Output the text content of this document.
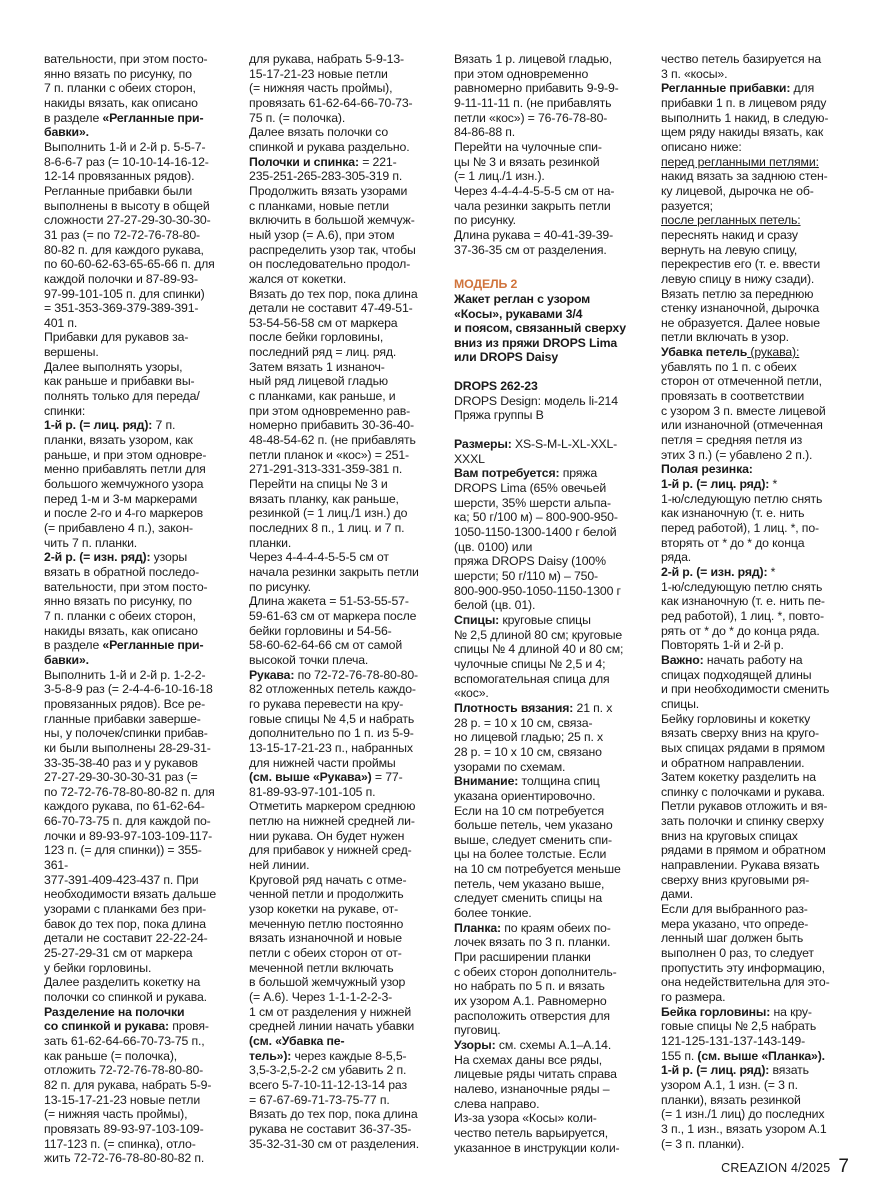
вательности, при этом посто-

янно вязать по рисунку, по

7 п. планки с обеих сторон,

накиды вязать, как описано

в разделе «Регланные при-

бавки».

Выполнить 1-й и 2-й р. 5-5-7-

8-6-6-7 раз (= 10-10-14-16-12-

12-14 провязанных рядов).

Регланные прибавки были

выполнены в высоту в общей

сложности 27-27-29-30-30-30-

31 раз (= по 72-72-76-78-80-

80-82 п. для каждого рукава,

по 60-60-62-63-65-65-66 п. для

каждой полочки и 87-89-93-

97-99-101-105 п. для спинки)

= 351-353-369-379-389-391-

401 п.

Прибавки для рукавов за-

вершены.

Далее выполнять узоры,

как раньше и прибавки вы-

полнять только для переда/

спинки:

1-й р. (= лиц. ряд): 7 п.

планки, вязать узором, как

раньше, и при этом одновре-

менно прибавлять петли для

большого жемчужного узора

перед 1-м и 3-м маркерами

и после 2-го и 4-го маркеров

(= прибавлено 4 п.), закон-

чить 7 п. планки.

2-й р. (= изн. ряд): узоры

вязать в обратной последо-

вательности, при этом посто-

янно вязать по рисунку, по

7 п. планки с обеих сторон,

накиды вязать, как описано

в разделе «Регланные при-

бавки».

Выполнить 1-й и 2-й р. 1-2-2-

3-5-8-9 раз (= 2-4-4-6-10-16-18

провязанных рядов). Все ре-

гланные прибавки заверше-

ны, у полочек/спинки прибав-

ки были выполнены 28-29-31-

33-35-38-40 раз и у рукавов

27-27-29-30-30-30-31 раз (=

по 72-72-76-78-80-80-82 п. для

каждого рукава, по 61-62-64-

66-70-73-75 п. для каждой по-

лочки и 89-93-97-103-109-117-

123 п. (= для спинки)) = 355-361-

377-391-409-423-437 п. При

необходимости вязать дальше

узорами с планками без при-

бавок до тех пор, пока длина

детали не составит 22-22-24-

25-27-29-31 см от маркера

у бейки горловины.

Далее разделить кокетку на

полочки со спинкой и рукава.

Разделение на полочки

со спинкой и рукава: провя-

зать 61-62-64-66-70-73-75 п.,

как раньше (= полочка),

отложить 72-72-76-78-80-80-

82 п. для рукава, набрать 5-9-

13-15-17-21-23 новые петли

(= нижняя часть проймы),

провязать 89-93-97-103-109-

117-123 п. (= спинка), отло-

жить 72-72-76-78-80-80-82 п.

для рукава, набрать 5-9-13-

15-17-21-23 новые петли

(= нижняя часть проймы),

провязать 61-62-64-66-70-73-

75 п. (= полочка).

Далее вязать полочки со

спинкой и рукава раздельно.

Полочки и спинка: = 221-

235-251-265-283-305-319 п.

Продолжить вязать узорами

с планками, новые петли

включить в большой жемчуж-

ный узор (= А.6), при этом

распределить узор так, чтобы

он последовательно продол-

жался от кокетки.

Вязать до тех пор, пока длина

детали не составит 47-49-51-

53-54-56-58 см от маркера

после бейки горловины,

последний ряд = лиц. ряд.

Затем вязать 1 изнаноч-

ный ряд лицевой гладью

с планками, как раньше, и

при этом одновременно рав-

номерно прибавить 30-36-40-

48-48-54-62 п. (не прибавлять

петли планок и «кос») = 251-

271-291-313-331-359-381 п.

Перейти на спицы № 3 и

вязать планку, как раньше,

резинкой (= 1 лиц./1 изн.) до

последних 8 п., 1 лиц. и 7 п.

планки.

Через 4-4-4-4-5-5-5 см от

начала резинки закрыть петли

по рисунку.

Длина жакета = 51-53-55-57-

59-61-63 см от маркера после

бейки горловины и 54-56-

58-60-62-64-66 см от самой

высокой точки плеча.

Рукава: по 72-72-76-78-80-80-

82 отложенных петель каждо-

го рукава перевести на кру-

говые спицы № 4,5 и набрать

дополнительно по 1 п. из 5-9-

13-15-17-21-23 п., набранных

для нижней части проймы

(см. выше «Рукава») = 77-

81-89-93-97-101-105 п.

Отметить маркером среднюю

петлю на нижней средней ли-

нии рукава. Он будет нужен

для прибавок у нижней сред-

ней линии.

Круговой ряд начать с отме-

ченной петли и продолжить

узор кокетки на рукаве, от-

меченную петлю постоянно

вязать изнаночной и новые

петли с обеих сторон от от-

меченной петли включать

в большой жемчужный узор

(= А.6). Через 1-1-1-2-2-3-

1 см от разделения у нижней

средней линии начать убавки

(см. «Убавка пе-

тель»): через каждые 8-5,5-

3,5-3-2,5-2-2 см убавить 2 п.

всего 5-7-10-11-12-13-14 раз

= 67-67-69-71-73-75-77 п.

Вязать до тех пор, пока длина

рукава не составит 36-37-35-

35-32-31-30 см от разделения.

Вязать 1 р. лицевой гладью,

при этом одновременно

равномерно прибавить 9-9-9-

9-11-11-11 п. (не прибавлять

петли «кос») = 76-76-78-80-

84-86-88 п.

Перейти на чулочные спи-

цы № 3 и вязать резинкой

(= 1 лиц./1 изн.).

Через 4-4-4-4-5-5-5 см от на-

чала резинки закрыть петли

по рисунку.

Длина рукава = 40-41-39-39-

37-36-35 см от разделения.

МОДЕЛЬ 2

Жакет реглан с узором

«Косы», рукавами 3/4

и поясом, связанный сверху

вниз из пряжи DROPS Lima

или DROPS Daisy

DROPS 262-23

DROPS Design: модель li-214

Пряжа группы B

Размеры: XS-S-M-L-XL-XXL-

XXXL

Вам потребуется: пряжа

DROPS Lima (65% овечьей

шерсти, 35% шерсти альпа-

ка; 50 г/100 м) – 800-900-950-

1050-1150-1300-1400 г белой

(цв. 0100) или

пряжа DROPS Daisy (100%

шерсти; 50 г/110 м) – 750-

800-900-950-1050-1150-1300 г

белой (цв. 01).

Спицы: круговые спицы

№ 2,5 длиной 80 см; круговые

спицы № 4 длиной 40 и 80 см;

чулочные спицы № 2,5 и 4;

вспомогательная спица для

«кос».

Плотность вязания: 21 п. х

28 р. = 10 х 10 см, связа-

но лицевой гладью; 25 п. х

28 р. = 10 х 10 см, связано

узорами по схемам.

Внимание: толщина спиц

указана ориентировочно.

Если на 10 см потребуется

больше петель, чем указано

выше, следует сменить спи-

цы на более толстые. Если

на 10 см потребуется меньше

петель, чем указано выше,

следует сменить спицы на

более тонкие.

Планка: по краям обеих по-

лочек вязать по 3 п. планки.

При расширении планки

с обеих сторон дополнитель-

но набрать по 5 п. и вязать

их узором А.1. Равномерно

расположить отверстия для

пуговиц.

Узоры: см. схемы А.1–А.14.

На схемах даны все ряды,

лицевые ряды читать справа

налево, изнаночные ряды –

слева направо.

Из-за узора «Косы» коли-

чество петель варьируется,

указанное в инструкции коли-

чество петель базируется на

3 п. «косы».

Регланные прибавки: для

прибавки 1 п. в лицевом ряду

выполнить 1 накид, в следую-

щем ряду накиды вязать, как

описано ниже:

перед регланными петлями:

накид вязать за заднюю стен-

ку лицевой, дырочка не об-

разуется;

после регланных петель:

переснять накид и сразу

вернуть на левую спицу,

перекрестив его (т. е. ввести

левую спицу в нижу сзади).

Вязать петлю за переднюю

стенку изнаночной, дырочка

не образуется. Далее новые

петли включать в узор.

Убавка петель (рукава):

убавлять по 1 п. с обеих

сторон от отмеченной петли,

провязать в соответствии

с узором 3 п. вместе лицевой

или изнаночной (отмеченная

петля = средняя петля из

этих 3 п.) (= убавлено 2 п.).

Полая резинка:

1-й р. (= лиц. ряд): *

1-ю/следующую петлю снять

как изнаночную (т. е. нить

перед работой), 1 лиц. *, по-

вторять от * до * до конца

ряда.

2-й р. (= изн. ряд): *

1-ю/следующую петлю снять

как изнаночную (т. е. нить пе-

ред работой), 1 лиц. *, повто-

рять от * до * до конца ряда.

Повторять 1-й и 2-й р.

Важно: начать работу на

спицах подходящей длины

и при необходимости сменить

спицы.

Бейку горловины и кокетку

вязать сверху вниз на круго-

вых спицах рядами в прямом

и обратном направлении.

Затем кокетку разделить на

спинку с полочками и рукава.

Петли рукавов отложить и вя-

зать полочки и спинку сверху

вниз на круговых спицах

рядами в прямом и обратном

направлении. Рукава вязать

сверху вниз круговыми ря-

дами.

Если для выбранного раз-

мера указано, что опреде-

ленный шаг должен быть

выполнен 0 раз, то следует

пропустить эту информацию,

она недействительна для это-

го размера.

Бейка горловины: на кру-

говые спицы № 2,5 набрать

121-125-131-137-143-149-

155 п. (см. выше «Планка»).

1-й р. (= лиц. ряд): вязать

узором А.1, 1 изн. (= 3 п.

планки), вязать резинкой

(= 1 изн./1 лиц) до последних

3 п., 1 изн., вязать узором А.1

(= 3 п. планки).

CREAZION 4/2025 7
